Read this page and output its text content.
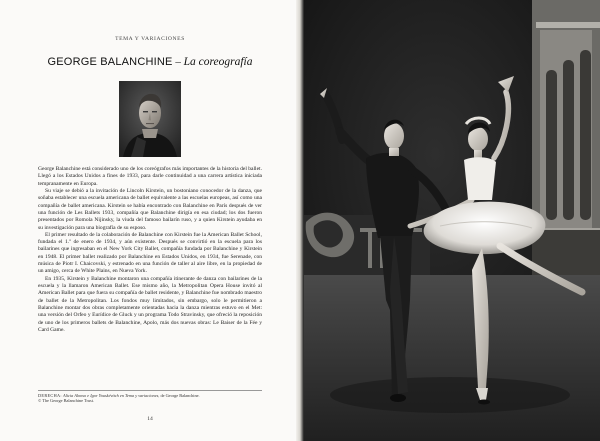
TEMA Y VARIACIONES
GEORGE BALANCHINE – La coreografía

George Balanchine está considerado uno de los coreógrafos más importantes de la historia del ballet. Llegó a los Estados Unidos a fines de 1933, para darle continuidad a una carrera artística iniciada tempranamente en Europa.

Su viaje se debió a la invitación de Lincoln Kirstein, un bostoniano conocedor de la danza, que soñaba establecer una escuela americana de ballet equivalente a las escuelas europeas, así como una compañía de ballet americana. Kirstein se había encontrado con Balanchine en París después de ver una función de Les Ballets 1933, compañía que Balanchine dirigía en esa ciudad; los dos fueron presentados por Romola Nijinsky, la viuda del famoso bailarín ruso, y a quien Kirstein ayudaba en su investigación para una biografía de su esposo.

El primer resultado de la colaboración de Balanchine con Kirstein fue la American Ballet School, fundada el 1.º de enero de 1934, y aún existente. Después se convirtió en la escuela para los bailarines que ingresaban en el New York City Ballet, compañía fundada por Balanchine y Kirstein en 1948. El primer ballet realizado por Balanchine en Estados Unidos, en 1934, fue Serenade, con música de Piotr I. Chaicovski, y estrenado en una función de taller al aire libre, en la propiedad de un amigo, cerca de White Plains, en Nueva York.

En 1935, Kirstein y Balanchine montaron una compañía itinerante de danza con bailarines de la escuela y la llamaron American Ballet. Ese mismo año, la Metropolitan Opera House invitó al American Ballet para que fuera su compañía de ballet residente, y Balanchine fue nombrado maestro de ballet de la Metropolitan. Los fondos muy limitados, sin embargo, solo le permitieron a Balanchine montar dos obras completamente orientadas hacia la danza mientras estuvo en el Met: una versión del Orfeo y Eurídice de Gluck y un programa Todo Stravinsky, que ofreció la reposición de uno de los primeros ballets de Balanchine, Apolo, más dos nuevas obras: Le Baiser de la Fée y Card Game.

DERECHA: Alicia Alonso e Igor Youskévitch en Tema y variaciones, de George Balanchine.
© The George Balanchine Trust.
14
